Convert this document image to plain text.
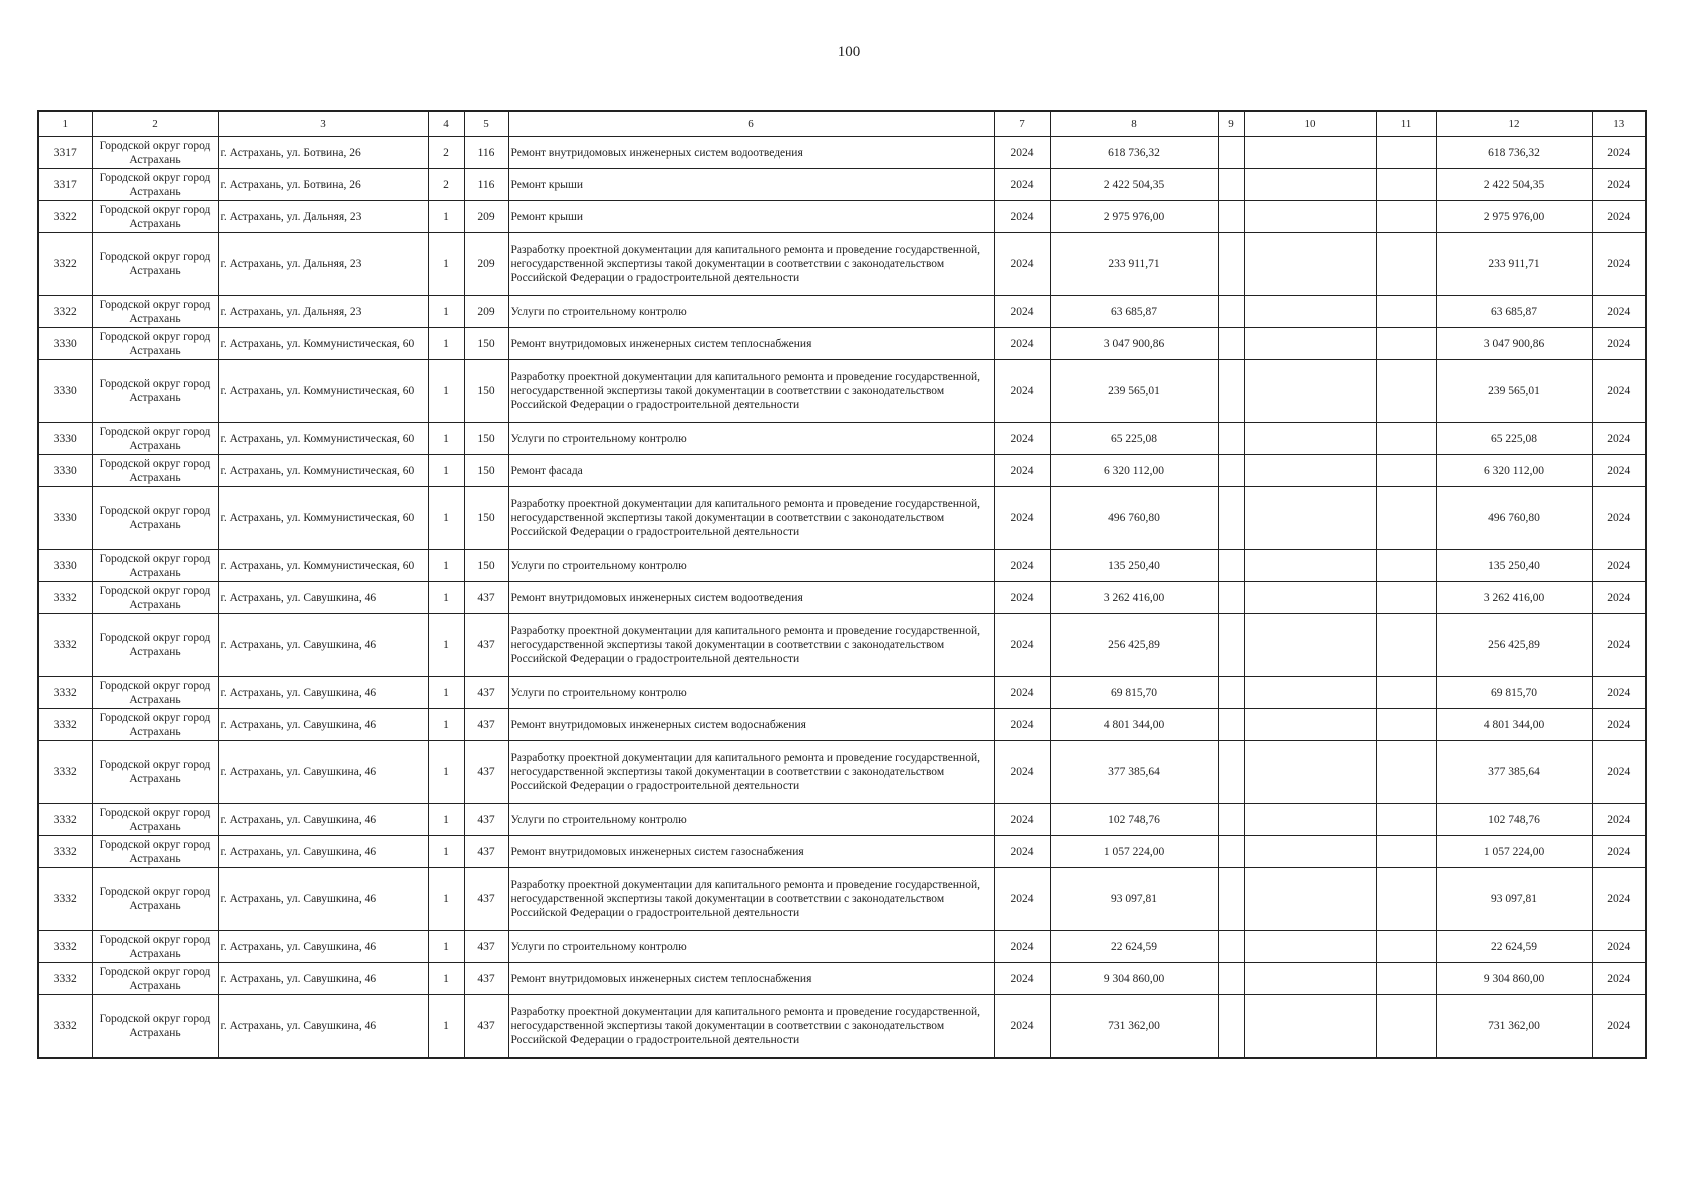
100
1	2	3	4	5	6	7	8	9	10	11	12	13
3317	Городской округ город Астрахань	г. Астрахань, ул. Ботвина, 26	2	116	Ремонт внутридомовых инженерных систем водоотведения	2024	618 736,32				618 736,32	2024
3317	Городской округ город Астрахань	г. Астрахань, ул. Ботвина, 26	2	116	Ремонт крыши	2024	2 422 504,35				2 422 504,35	2024
3322	Городской округ город Астрахань	г. Астрахань, ул. Дальняя, 23	1	209	Ремонт крыши	2024	2 975 976,00				2 975 976,00	2024
3322	Городской округ город Астрахань	г. Астрахань, ул. Дальняя, 23	1	209	Разработку проектной документации для капитального ремонта и проведение государственной, негосударственной экспертизы такой документации в соответствии с законодательством Российской Федерации о градостроительной деятельности	2024	233 911,71				233 911,71	2024
3322	Городской округ город Астрахань	г. Астрахань, ул. Дальняя, 23	1	209	Услуги по строительному контролю	2024	63 685,87				63 685,87	2024
3330	Городской округ город Астрахань	г. Астрахань, ул. Коммунистическая, 60	1	150	Ремонт внутридомовых инженерных систем теплоснабжения	2024	3 047 900,86				3 047 900,86	2024
3330	Городской округ город Астрахань	г. Астрахань, ул. Коммунистическая, 60	1	150	Разработку проектной документации для капитального ремонта и проведение государственной, негосударственной экспертизы такой документации в соответствии с законодательством Российской Федерации о градостроительной деятельности	2024	239 565,01				239 565,01	2024
3330	Городской округ город Астрахань	г. Астрахань, ул. Коммунистическая, 60	1	150	Услуги по строительному контролю	2024	65 225,08				65 225,08	2024
3330	Городской округ город Астрахань	г. Астрахань, ул. Коммунистическая, 60	1	150	Ремонт фасада	2024	6 320 112,00				6 320 112,00	2024
3330	Городской округ город Астрахань	г. Астрахань, ул. Коммунистическая, 60	1	150	Разработку проектной документации для капитального ремонта и проведение государственной, негосударственной экспертизы такой документации в соответствии с законодательством Российской Федерации о градостроительной деятельности	2024	496 760,80				496 760,80	2024
3330	Городской округ город Астрахань	г. Астрахань, ул. Коммунистическая, 60	1	150	Услуги по строительному контролю	2024	135 250,40				135 250,40	2024
3332	Городской округ город Астрахань	г. Астрахань, ул. Савушкина, 46	1	437	Ремонт внутридомовых инженерных систем водоотведения	2024	3 262 416,00				3 262 416,00	2024
3332	Городской округ город Астрахань	г. Астрахань, ул. Савушкина, 46	1	437	Разработку проектной документации для капитального ремонта и проведение государственной, негосударственной экспертизы такой документации в соответствии с законодательством Российской Федерации о градостроительной деятельности	2024	256 425,89				256 425,89	2024
3332	Городской округ город Астрахань	г. Астрахань, ул. Савушкина, 46	1	437	Услуги по строительному контролю	2024	69 815,70				69 815,70	2024
3332	Городской округ город Астрахань	г. Астрахань, ул. Савушкина, 46	1	437	Ремонт внутридомовых инженерных систем водоснабжения	2024	4 801 344,00				4 801 344,00	2024
3332	Городской округ город Астрахань	г. Астрахань, ул. Савушкина, 46	1	437	Разработку проектной документации для капитального ремонта и проведение государственной, негосударственной экспертизы такой документации в соответствии с законодательством Российской Федерации о градостроительной деятельности	2024	377 385,64				377 385,64	2024
3332	Городской округ город Астрахань	г. Астрахань, ул. Савушкина, 46	1	437	Услуги по строительному контролю	2024	102 748,76				102 748,76	2024
3332	Городской округ город Астрахань	г. Астрахань, ул. Савушкина, 46	1	437	Ремонт внутридомовых инженерных систем газоснабжения	2024	1 057 224,00				1 057 224,00	2024
3332	Городской округ город Астрахань	г. Астрахань, ул. Савушкина, 46	1	437	Разработку проектной документации для капитального ремонта и проведение государственной, негосударственной экспертизы такой документации в соответствии с законодательством Российской Федерации о градостроительной деятельности	2024	93 097,81				93 097,81	2024
3332	Городской округ город Астрахань	г. Астрахань, ул. Савушкина, 46	1	437	Услуги по строительному контролю	2024	22 624,59				22 624,59	2024
3332	Городской округ город Астрахань	г. Астрахань, ул. Савушкина, 46	1	437	Ремонт внутридомовых инженерных систем теплоснабжения	2024	9 304 860,00				9 304 860,00	2024
3332	Городской округ город Астрахань	г. Астрахань, ул. Савушкина, 46	1	437	Разработку проектной документации для капитального ремонта и проведение государственной, негосударственной экспертизы такой документации в соответствии с законодательством Российской Федерации о градостроительной деятельности	2024	731 362,00				731 362,00	2024
